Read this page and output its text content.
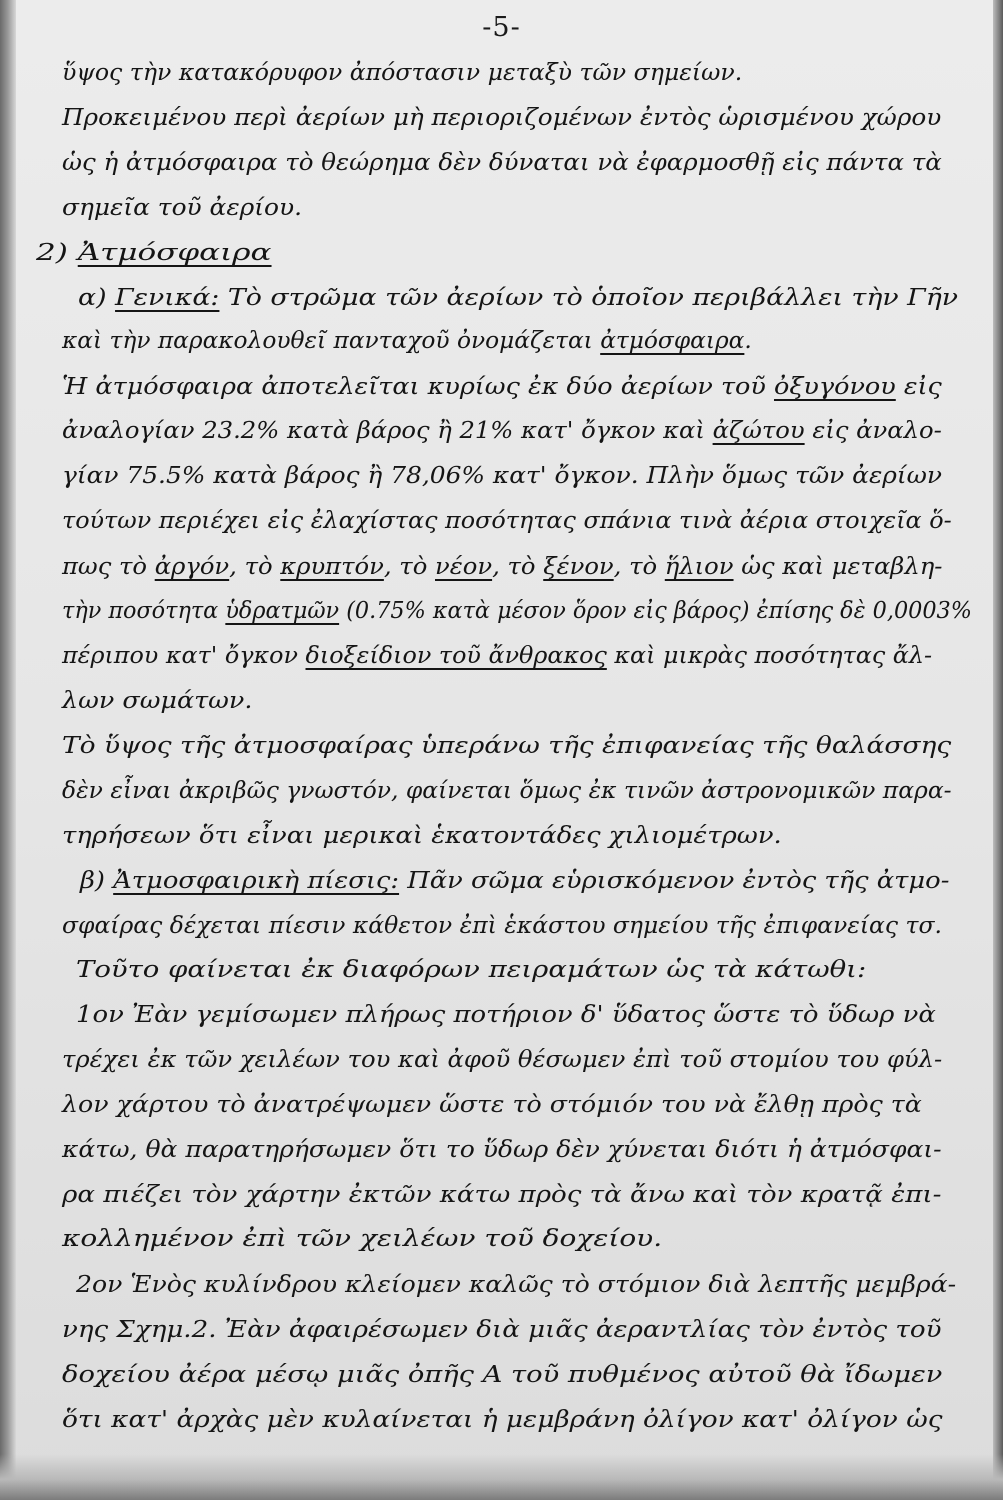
-5-
ὕψος τὴν κατακόρυφον ἀπόστασιν μεταξὺ τῶν σημείων.
Προκειμένου περὶ ἀερίων μὴ περιοριζομένων ἐντὸς ὡρισμένου χώρου
ὡς ἡ ἀτμόσφαιρα τὸ θεώρημα δὲν δύναται νὰ ἐφαρμοσθῇ εἰς πάντα τὰ
σημεῖα τοῦ ἀερίου.
2) Ἀτμόσφαιρα
α) Γενικά: Τὸ στρῶμα τῶν ἀερίων τὸ ὁποῖον περιβάλλει τὴν Γῆν
καὶ τὴν παρακολουθεῖ πανταχοῦ ὀνομάζεται ἀτμόσφαιρα.
Ἡ ἀτμόσφαιρα ἀποτελεῖται κυρίως ἐκ δύο ἀερίων τοῦ ὀξυγόνου εἰς
ἀναλογίαν 23.2% κατὰ βάρος ἢ 21% κατ' ὄγκον καὶ ἀζώτου εἰς ἀναλο-
γίαν 75.5% κατὰ βάρος ἢ 78,06% κατ' ὄγκον. Πλὴν ὅμως τῶν ἀερίων
τούτων περιέχει εἰς ἐλαχίστας ποσότητας σπάνια τινὰ ἀέρια στοιχεῖα ὅ-
πως τὸ ἀργόν, τὸ κρυπτόν, τὸ νέον, τὸ ξένον, τὸ ἥλιον ὡς καὶ μεταβλη-
τὴν ποσότητα ὑδρατμῶν (0.75% κατὰ μέσον ὅρον εἰς βάρος) ἐπίσης δὲ 0,0003%
πέριπου κατ' ὄγκον διοξείδιον τοῦ ἄνθρακος καὶ μικρὰς ποσότητας ἄλ-
λων σωμάτων.
Τὸ ὕψος τῆς ἀτμοσφαίρας ὑπεράνω τῆς ἐπιφανείας τῆς θαλάσσης
δὲν εἶναι ἀκριβῶς γνωστόν, φαίνεται ὅμως ἐκ τινῶν ἀστρονομικῶν παρα-
τηρήσεων ὅτι εἶναι μερικαὶ ἑκατοντάδες χιλιομέτρων.
β) Ἀτμοσφαιρικὴ πίεσις: Πᾶν σῶμα εὑρισκόμενον ἐντὸς τῆς ἀτμο-
σφαίρας δέχεται πίεσιν κάθετον ἐπὶ ἑκάστου σημείου τῆς ἐπιφανείας τσ.
Τοῦτο φαίνεται ἐκ διαφόρων πειραμάτων ὡς τὰ κάτωθι:
1ον Ἐὰν γεμίσωμεν πλήρως ποτήριον δ' ὕδατος ὥστε τὸ ὕδωρ νὰ
τρέχει ἐκ τῶν χειλέων του καὶ ἀφοῦ θέσωμεν ἐπὶ τοῦ στομίου του φύλ-
λον χάρτου τὸ ἀνατρέψωμεν ὥστε τὸ στόμιόν του νὰ ἔλθῃ πρὸς τὰ
κάτω, θὰ παρατηρήσωμεν ὅτι το ὕδωρ δὲν χύνεται διότι ἡ ἀτμόσφαι-
ρα πιέζει τὸν χάρτην ἐκτῶν κάτω πρὸς τὰ ἄνω καὶ τὸν κρατᾷ ἐπι-
κολλημένον ἐπὶ τῶν χειλέων τοῦ δοχείου.
2ον Ἑνὸς κυλίνδρου κλείομεν καλῶς τὸ στόμιον διὰ λεπτῆς μεμβρά-
νης Σχημ.2. Ἐὰν ἀφαιρέσωμεν διὰ μιᾶς ἀεραντλίας τὸν ἐντὸς τοῦ
δοχείου ἀέρα μέσῳ μιᾶς ὀπῆς Α τοῦ πυθμένος αὐτοῦ θὰ ἴδωμεν
ὅτι κατ' ἀρχὰς μὲν κυλαίνεται ἡ μεμβράνη ὀλίγον κατ' ὀλίγον ὡς
